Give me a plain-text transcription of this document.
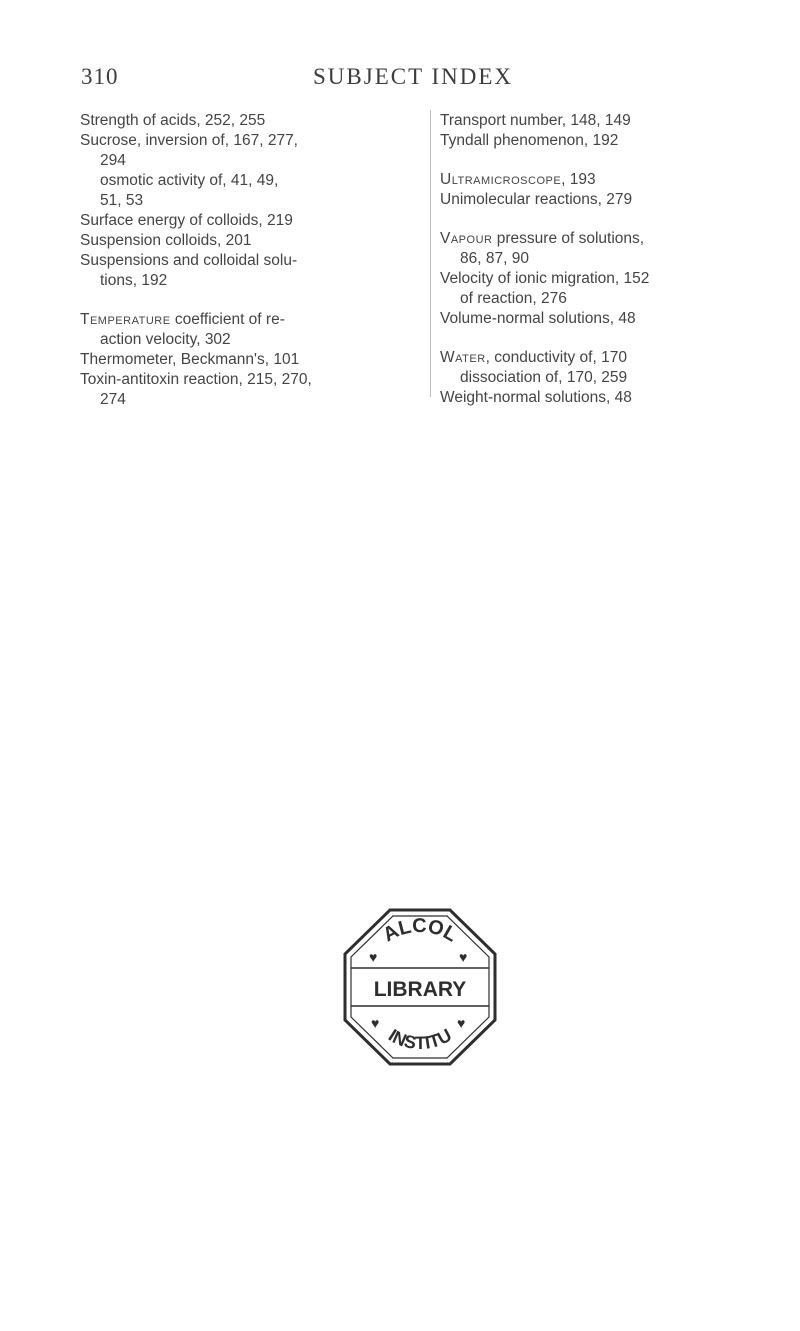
310	SUBJECT INDEX

Strength of acids, 252, 255

Sucrose, inversion of, 167, 277,
294

osmotic activity of, 41, 49,
51, 53

Surface energy of colloids, 219

Suspension colloids, 201

Suspensions and colloidal solu-
tions, 192

Temperature coefficient of re-
action velocity, 302

Thermometer, Beckmann's, 101

Toxin-antitoxin reaction, 215, 270,
274

Transport number, 148, 149

Tyndall phenomenon, 192

Ultramicroscope, 193

Unimolecular reactions, 279

Vapour pressure of solutions,
86, 87, 90

Velocity of ionic migration, 152

of reaction, 276

Volume-normal solutions, 48

Water, conductivity of, 170

dissociation of, 170, 259

Weight-normal solutions, 48

ALCOL
LIBRARY
INSTITU
♥	♥
♥	♥
